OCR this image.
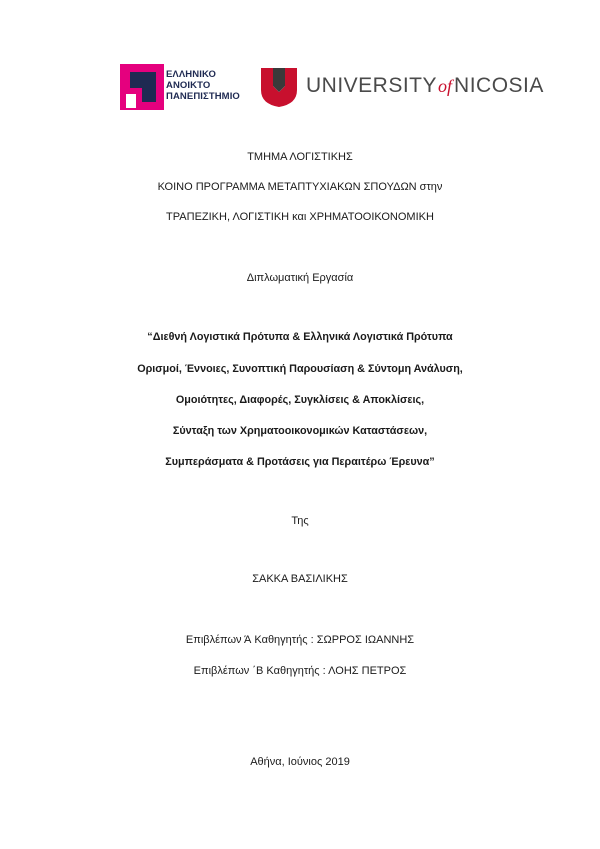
ΕΛΛΗΝΙΚΟ
ΑΝΟΙΚΤΟ
ΠΑΝΕΠΙΣΤΗΜΙΟ	UNIVERSITYofNICOSIA
ΤΜΗΜΑ ΛΟΓΙΣΤΙΚΗΣ
ΚΟΙΝΟ ΠΡΟΓΡΑΜΜΑ ΜΕΤΑΠΤΥΧΙΑΚΩΝ ΣΠΟΥΔΩΝ στην
ΤΡΑΠΕΖΙΚΗ, ΛΟΓΙΣΤΙΚΗ και ΧΡΗΜΑΤΟΟΙΚΟΝΟΜΙΚΗ
Διπλωματική Εργασία
“Διεθνή Λογιστικά Πρότυπα & Ελληνικά Λογιστικά Πρότυπα
Ορισμοί, Έννοιες, Συνοπτική Παρουσίαση & Σύντομη Ανάλυση,
Ομοιότητες, Διαφορές, Συγκλίσεις & Αποκλίσεις,
Σύνταξη των Χρηματοοικονομικών Καταστάσεων,
Συμπεράσματα & Προτάσεις για Περαιτέρω Έρευνα”
Της
ΣΑΚΚΑ ΒΑΣΙΛΙΚΗΣ
Επιβλέπων Ά Καθηγητής : ΣΩΡΡΟΣ ΙΩΑΝΝΗΣ
Επιβλέπων ΄Β Καθηγητής : ΛΟΗΣ ΠΕΤΡΟΣ
Αθήνα, Ιούνιος 2019
